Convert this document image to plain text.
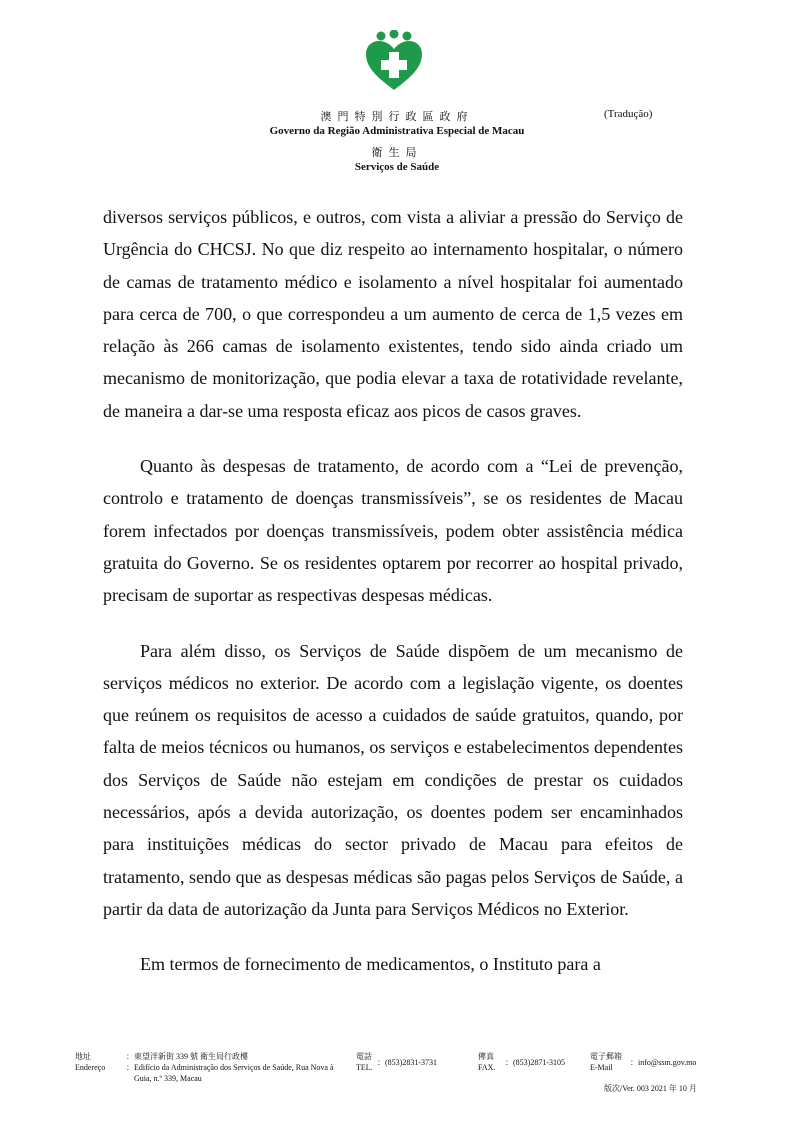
澳門特別行政區政府	(Tradução)
Governo da Região Administrativa Especial de Macau
衛生局
Serviços de Saúde

diversos serviços públicos, e outros, com vista a aliviar a pressão do Serviço de Urgência do CHCSJ. No que diz respeito ao internamento hospitalar, o número de camas de tratamento médico e isolamento a nível hospitalar foi aumentado para cerca de 700, o que correspondeu a um aumento de cerca de 1,5 vezes em relação às 266 camas de isolamento existentes, tendo sido ainda criado um mecanismo de monitorização, que podia elevar a taxa de rotatividade revelante, de maneira a dar-se uma resposta eficaz aos picos de casos graves.

Quanto às despesas de tratamento, de acordo com a “Lei de prevenção, controlo e tratamento de doenças transmissíveis”, se os residentes de Macau forem infectados por doenças transmissíveis, podem obter assistência médica gratuita do Governo. Se os residentes optarem por recorrer ao hospital privado, precisam de suportar as respectivas despesas médicas.

Para além disso, os Serviços de Saúde dispõem de um mecanismo de serviços médicos no exterior. De acordo com a legislação vigente, os doentes que reúnem os requisitos de acesso a cuidados de saúde gratuitos, quando, por falta de meios técnicos ou humanos, os serviços e estabelecimentos dependentes dos Serviços de Saúde não estejam em condições de prestar os cuidados necessários, após a devida autorização, os doentes podem ser encaminhados para instituições médicas do sector privado de Macau para efeitos de tratamento, sendo que as despesas médicas são pagas pelos Serviços de Saúde, a partir da data de autorização da Junta para Serviços Médicos no Exterior.

Em termos de fornecimento de medicamentos, o Instituto para a

地址
Endereço
：東望洋新街 339 號 衛生局行政樓
：Edifício da Administração dos Serviços de Saúde, Rua Nova à
Guia, n.º 339, Macau
電話
TEL.
：(853)2831-3731
傳真
FAX.
：(853)2871-3105
電子郵箱
E-Mail
：info@ssm.gov.mo
版次/Ver. 003 2021 年 10 月
